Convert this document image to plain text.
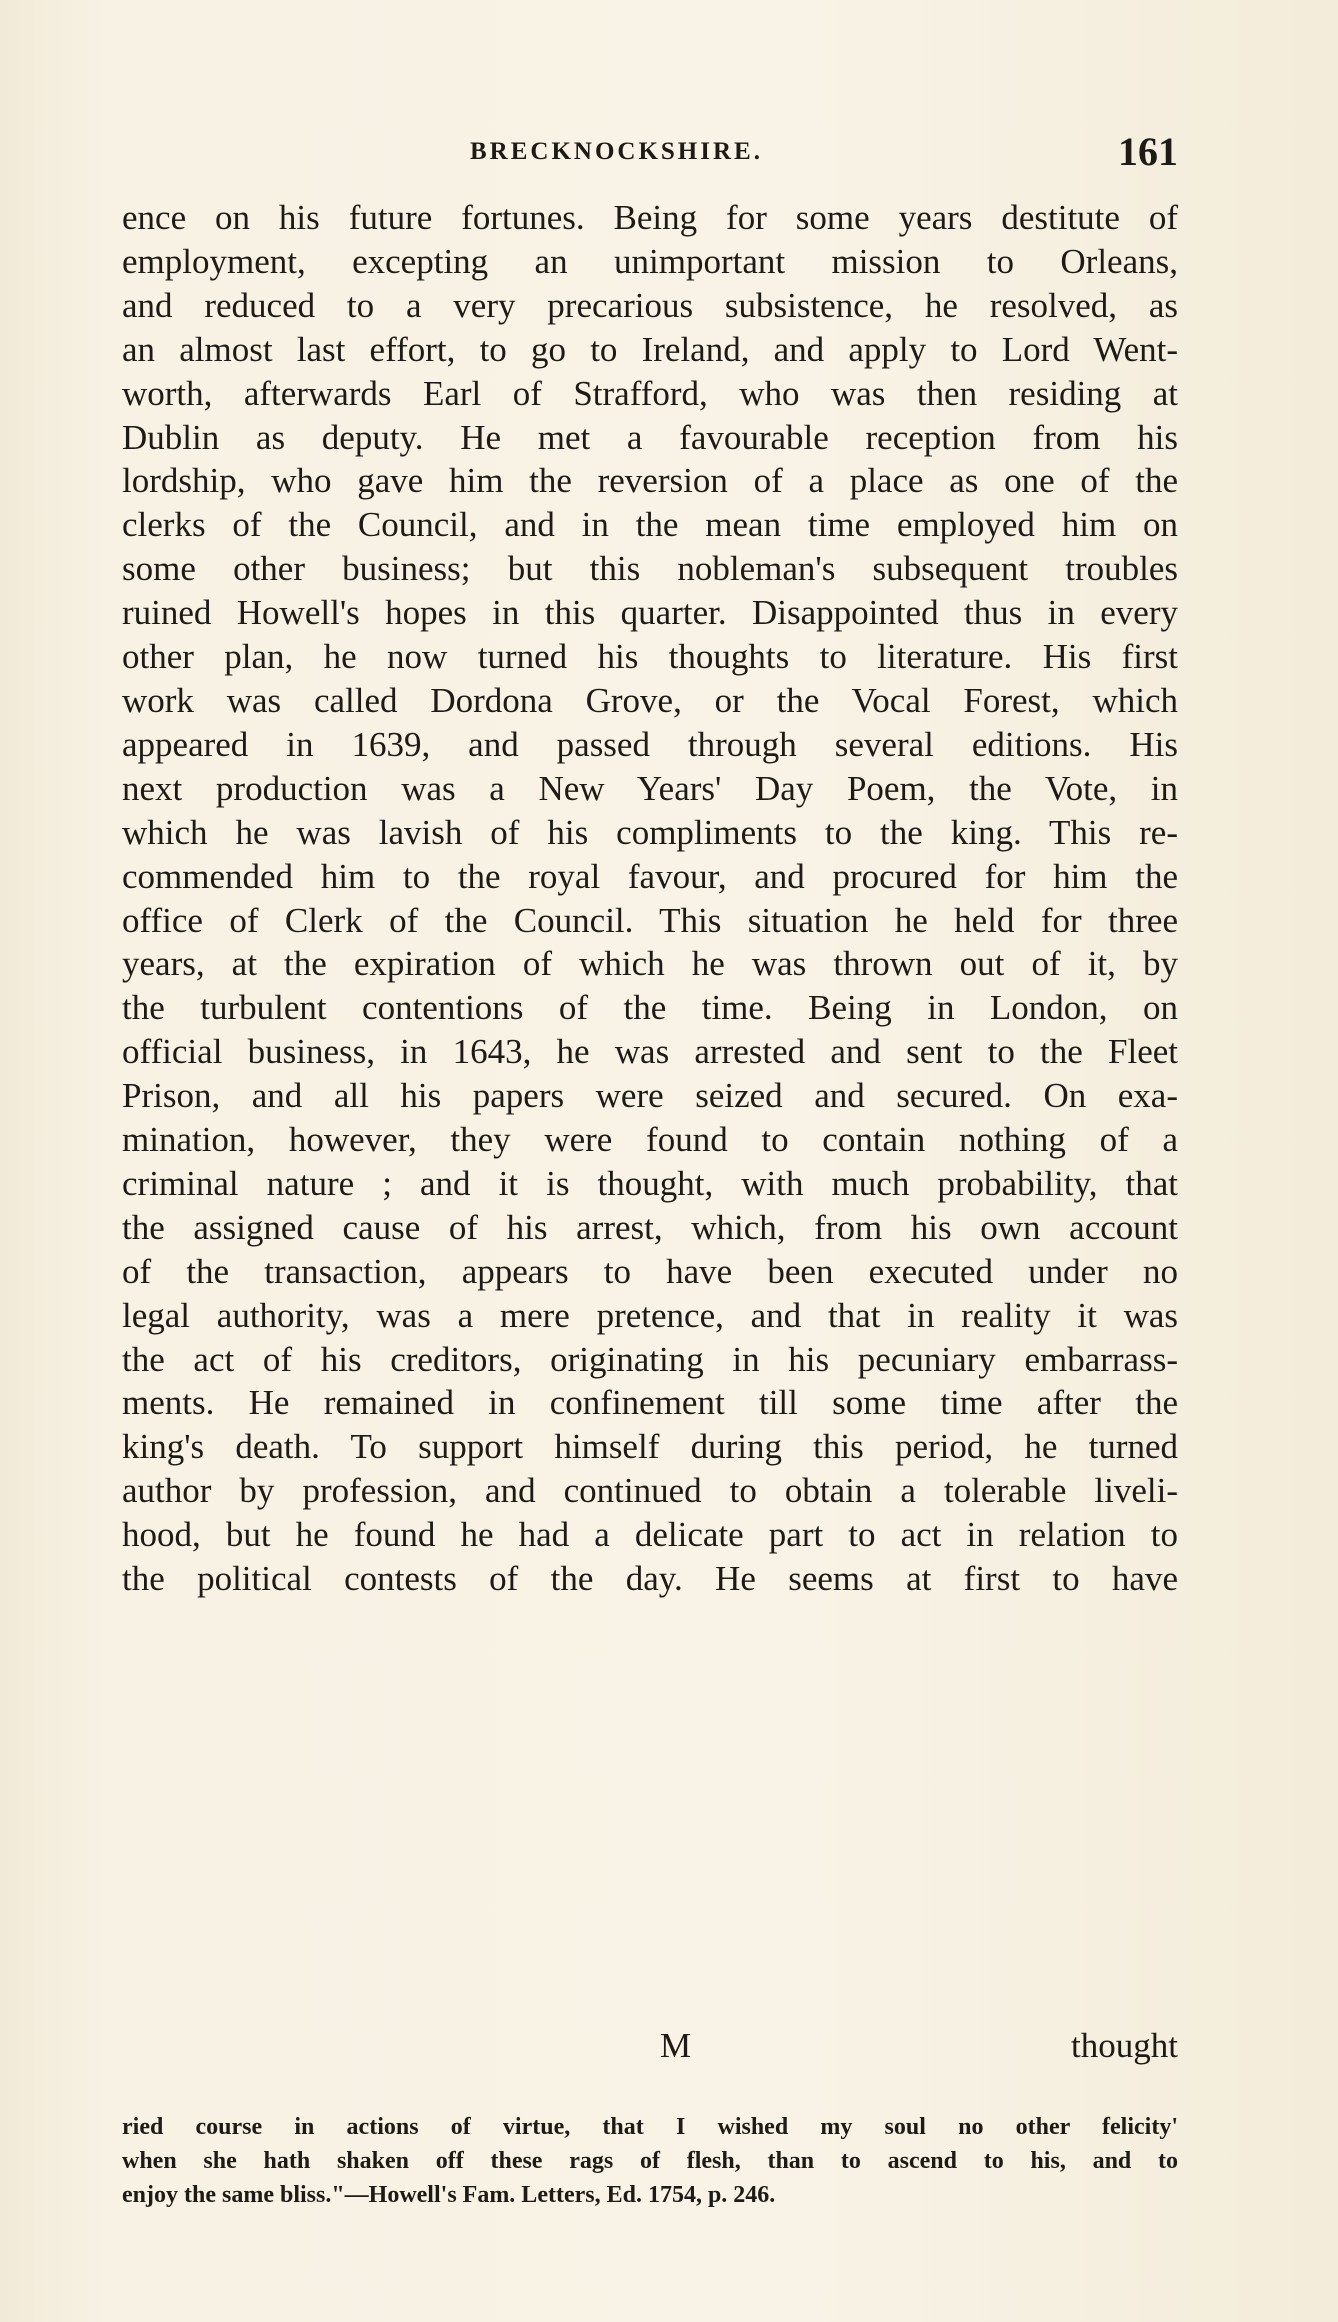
BRECKNOCKSHIRE.	161
ence on his future fortunes. Being for some years destitute of
employment, excepting an unimportant mission to Orleans,
and reduced to a very precarious subsistence, he resolved, as
an almost last effort, to go to Ireland, and apply to Lord Went-
worth, afterwards Earl of Strafford, who was then residing at
Dublin as deputy. He met a favourable reception from his
lordship, who gave him the reversion of a place as one of the
clerks of the Council, and in the mean time employed him on
some other business; but this nobleman's subsequent troubles
ruined Howell's hopes in this quarter. Disappointed thus in every
other plan, he now turned his thoughts to literature. His first
work was called Dordona Grove, or the Vocal Forest, which
appeared in 1639, and passed through several editions. His
next production was a New Years' Day Poem, the Vote, in
which he was lavish of his compliments to the king. This re-
commended him to the royal favour, and procured for him the
office of Clerk of the Council. This situation he held for three
years, at the expiration of which he was thrown out of it, by
the turbulent contentions of the time. Being in London, on
official business, in 1643, he was arrested and sent to the Fleet
Prison, and all his papers were seized and secured. On exa-
mination, however, they were found to contain nothing of a
criminal nature ; and it is thought, with much probability, that
the assigned cause of his arrest, which, from his own account
of the transaction, appears to have been executed under no
legal authority, was a mere pretence, and that in reality it was
the act of his creditors, originating in his pecuniary embarrass-
ments. He remained in confinement till some time after the
king's death. To support himself during this period, he turned
author by profession, and continued to obtain a tolerable liveli-
hood, but he found he had a delicate part to act in relation to
the political contests of the day. He seems at first to have
M	thought
ried course in actions of virtue, that I wished my soul no other felicity'
when she hath shaken off these rags of flesh, than to ascend to his, and to
enjoy the same bliss."—Howell's Fam. Letters, Ed. 1754, p. 246.
